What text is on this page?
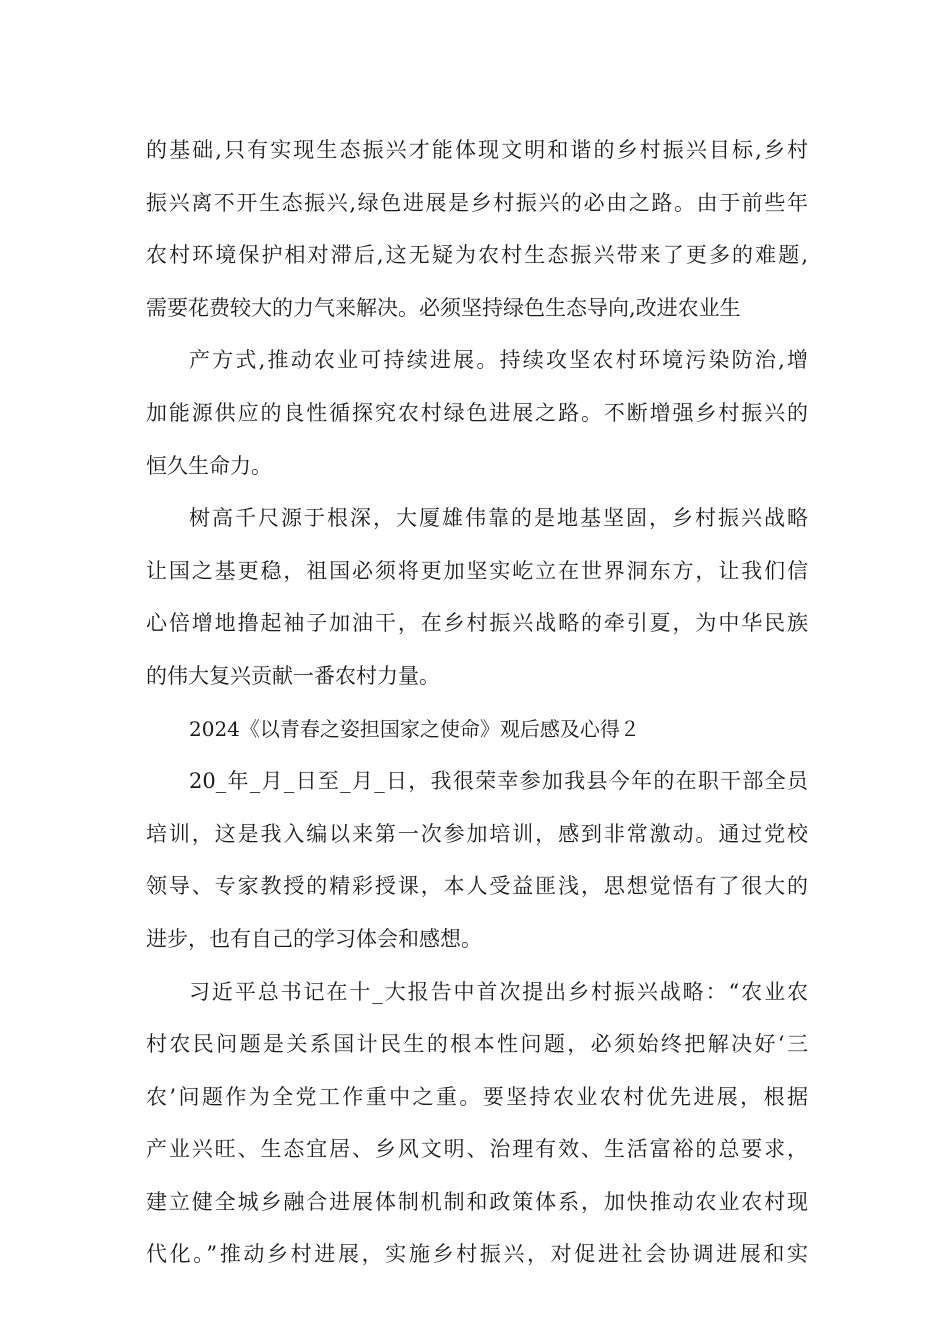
的基础,只有实现生态振兴才能体现文明和谐的乡村振兴目标,乡村
振兴离不开生态振兴,绿色进展是乡村振兴的必由之路。由于前些年
农村环境保护相对滞后,这无疑为农村生态振兴带来了更多的难题,
需要花费较大的力气来解决。必须坚持绿色生态导向,改进农业生
产方式,推动农业可持续进展。持续攻坚农村环境污染防治,增
加能源供应的良性循探究农村绿色进展之路。不断增强乡村振兴的
恒久生命力。
树高千尺源于根深，大厦雄伟靠的是地基坚固，乡村振兴战略
让国之基更稳，祖国必须将更加坚实屹立在世界洞东方，让我们信
心倍增地撸起袖子加油干，在乡村振兴战略的牵引夏，为中华民族
的伟大复兴贡献一番农村力量。
2024《以青春之姿担国家之使命》观后感及心得２
20_年_月_日至_月_日，我很荣幸参加我县今年的在职干部全员
培训，这是我入编以来第一次参加培训，感到非常激动。通过党校
领导、专家教授的精彩授课，本人受益匪浅，思想觉悟有了很大的
进步，也有自己的学习体会和感想。
习近平总书记在十_大报告中首次提出乡村振兴战略：“农业农
村农民问题是关系国计民生的根本性问题，必须始终把解决好‘三
农’问题作为全党工作重中之重。要坚持农业农村优先进展，根据
产业兴旺、生态宜居、乡风文明、治理有效、生活富裕的总要求，
建立健全城乡融合进展体制机制和政策体系，加快推动农业农村现
代化。”推动乡村进展，实施乡村振兴，对促进社会协调进展和实
